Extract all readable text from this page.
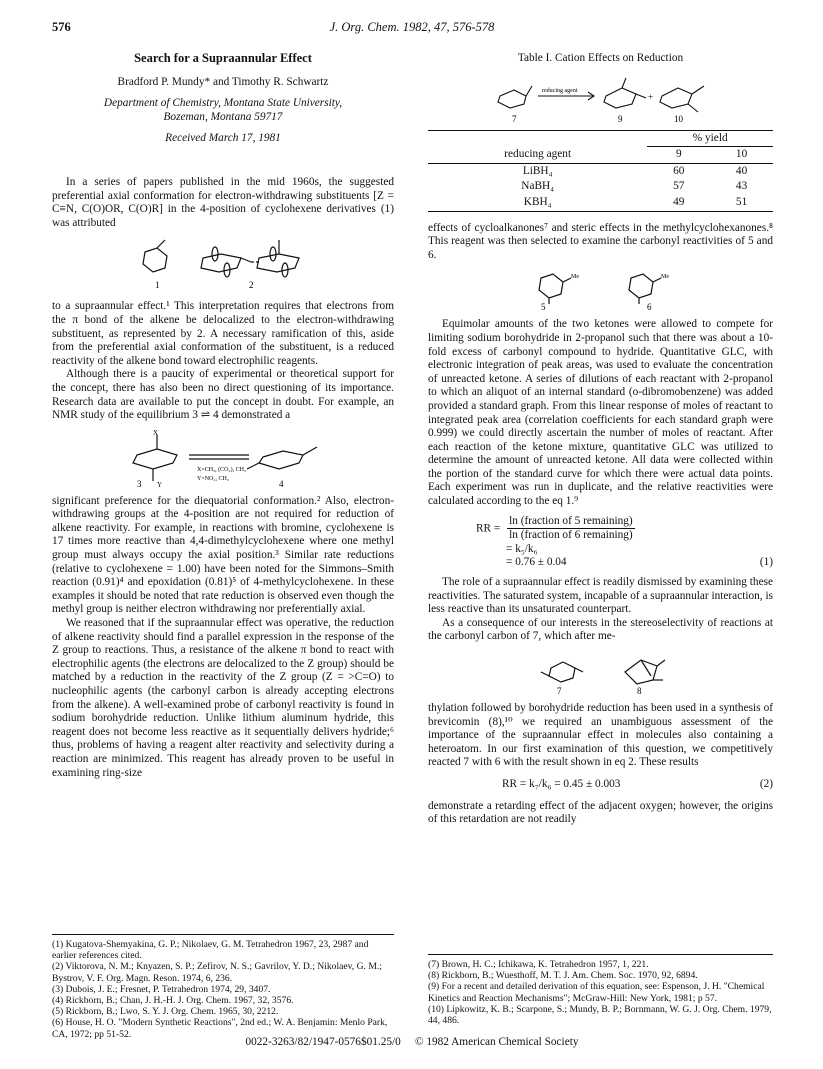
576	J. Org. Chem. 1982, 47, 576-578
Search for a Supraannular Effect
Bradford P. Mundy* and Timothy R. Schwartz
Department of Chemistry, Montana State University,
Bozeman, Montana 59717
Received March 17, 1981

In a series of papers published in the mid 1960s, the suggested preferential axial conformation for electron-withdrawing substituents [Z = C≡N, C(O)OR, C(O)R] in the 4-position of cyclohexene derivatives (1) was attributed

1	2

to a supraannular effect.¹ This interpretation requires that electrons from the π bond of the alkene be delocalized to the electron-withdrawing substituent, as represented by 2. A necessary ramification of this, aside from the preferential axial conformation of the substituent, is a reduced reactivity of the alkene bond toward electrophilic reagents.

Although there is a paucity of experimental or theoretical support for the concept, there has also been no direct questioning of its importance. Research data are available to put the concept in doubt. For example, an NMR study of the equilibrium 3 ⇌ 4 demonstrated a

X
Y
X=CH₃, (CO₂), CH₃
Y=NO₂, CH₃
3	4

significant preference for the diequatorial conformation.² Also, electron-withdrawing groups at the 4-position are not required for reduction of alkene reactivity. For example, in reactions with bromine, cyclohexene is 17 times more reactive than 4,4-dimethylcyclohexene where one methyl group must always occupy the axial position.³ Similar rate reductions (relative to cyclohexene = 1.00) have been noted for the Simmons–Smith reaction (0.91)⁴ and epoxidation (0.81)⁵ of 4-methylcyclohexene. In these examples it should be noted that rate reduction is observed even though the methyl group is neither electron withdrawing nor preferentially axial.

We reasoned that if the supraannular effect was operative, the reduction of alkene reactivity should find a parallel expression in the response of the Z group to reactions. Thus, a resistance of the alkene π bond to react with electrophilic agents (the electrons are delocalized to the Z group) should be matched by a reduction in the reactivity of the Z group (Z = >C=O) to nucleophilic agents (the carbonyl carbon is already accepting electrons from the alkene). A well-examined probe of carbonyl reactivity is found in sodium borohydride reduction. Unlike lithium aluminum hydride, this reagent does not become less reactive as it sequentially delivers hydride;⁶ thus, problems of having a reagent alter reactivity and selectivity during a reaction are minimized. This reagent has already proven to be useful in examining ring-size

Table I. Cation Effects on Reduction
reducing agent
+
7	9	10
	% yield	
reducing agent	9	10
LiBH₄	60	40
NaBH₄	57	43
KBH₄	49	51

effects of cycloalkanones⁷ and steric effects in the methylcyclohexanones.⁸ This reagent was then selected to examine the carbonyl reactivities of 5 and 6.

Me	Me
5	6

Equimolar amounts of the two ketones were allowed to compete for limiting sodium borohydride in 2-propanol such that there was about a 10-fold excess of carbonyl compound to hydride. Quantitative GLC, with electronic integration of peak areas, was used to evaluate the concentration of unreacted ketone. A series of dilutions of each reactant with 2-propanol to which an aliquot of an internal standard (o-dibromobenzene) was added provided a standard graph. From this linear response of moles of reactant to integrated peak area (correlation coefficients for each standard graph were 0.999) we could directly ascertain the number of moles of reactant. After each reaction of the ketone mixture, quantitative GLC was utilized to determine the amount of unreacted ketone. All data were collected within the portion of the standard curve for which there were actual data points. Each experiment was run in duplicate, and the relative reactivities were calculated according to the eq 1.⁹

RR = $\frac{\text{ln (fraction of 5 remaining)}}{\text{ln (fraction of 6 remaining)}}$
= k₅/k₆
= 0.76 ± 0.04	(1)

The role of a supraannular effect is readily dismissed by examining these reactivities. The saturated system, incapable of a supraannular interaction, is less reactive than its unsaturated counterpart.

As a consequence of our interests in the stereoselectivity of reactions at the carbonyl carbon of 7, which after me-

7	8

thylation followed by borohydride reduction has been used in a synthesis of brevicomin (8),¹⁰ we required an unambiguous assessment of the importance of the supraannular effect in molecules also containing a heteroatom. In our first examination of this question, we competitively reacted 7 with 6 with the result shown in eq 2. These results

RR = k₇/k₆ = 0.45 ± 0.003	(2)

demonstrate a retarding effect of the adjacent oxygen; however, the origins of this retardation are not readily

(1) Kugatova-Shemyakina, G. P.; Nikolaev, G. M. Tetrahedron 1967, 23, 2987 and earlier references cited.
(2) Viktorova, N. M.; Knyazen, S. P.; Zefirov, N. S.; Gavrilov, Y. D.; Nikolaev, G. M.; Bystrov, V. F. Org. Magn. Reson. 1974, 6, 236.
(3) Dubois, J. E.; Fresnet, P. Tetrahedron 1974, 29, 3407.
(4) Rickborn, B.; Chan, J. H.-H. J. Org. Chem. 1967, 32, 3576.
(5) Rickborn, B.; Lwo, S. Y. J. Org. Chem. 1965, 30, 2212.
(6) House, H. O. "Modern Synthetic Reactions", 2nd ed.; W. A. Benjamin: Menlo Park, CA, 1972; pp 51-52.
(7) Brown, H. C.; Ichikawa, K. Tetrahedron 1957, 1, 221.
(8) Rickborn, B.; Wuesthoff, M. T. J. Am. Chem. Soc. 1970, 92, 6894.
(9) For a recent and detailed derivation of this equation, see: Espenson, J. H. "Chemical Kinetics and Reaction Mechanisms"; McGraw-Hill: New York, 1981; p 57.
(10) Lipkowitz, K. B.; Scarpone, S.; Mundy, B. P.; Bornmann, W. G. J. Org. Chem. 1979, 44, 486.
0022-3263/82/1947-0576$01.25/0 © 1982 American Chemical Society
